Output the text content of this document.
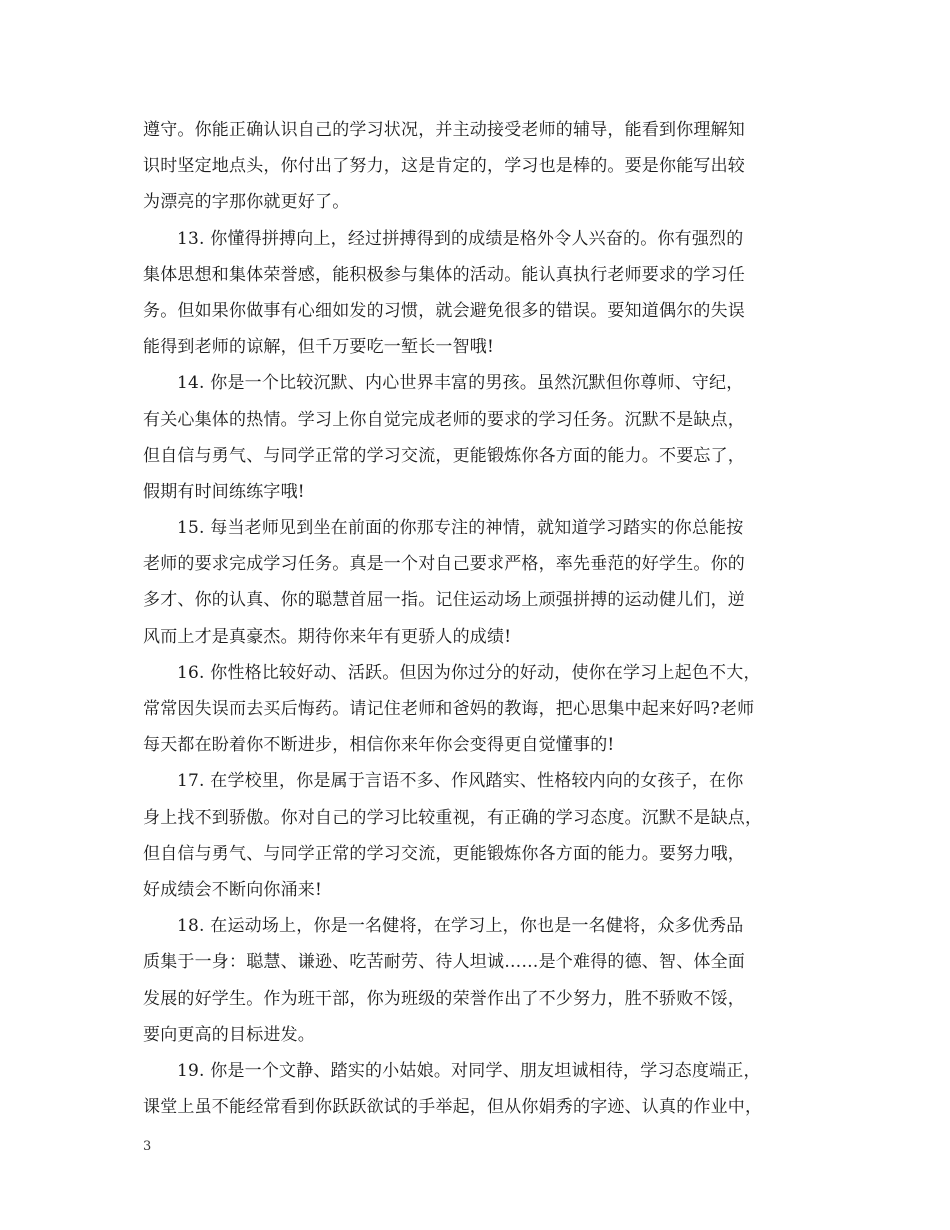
遵守。你能正确认识自己的学习状况，并主动接受老师的辅导，能看到你理解知
识时坚定地点头，你付出了努力，这是肯定的，学习也是棒的。要是你能写出较
为漂亮的字那你就更好了。
13. 你懂得拼搏向上，经过拼搏得到的成绩是格外令人兴奋的。你有强烈的
集体思想和集体荣誉感，能积极参与集体的活动。能认真执行老师要求的学习任
务。但如果你做事有心细如发的习惯，就会避免很多的错误。要知道偶尔的失误
能得到老师的谅解，但千万要吃一堑长一智哦!
14. 你是一个比较沉默、内心世界丰富的男孩。虽然沉默但你尊师、守纪，
有关心集体的热情。学习上你自觉完成老师的要求的学习任务。沉默不是缺点，
但自信与勇气、与同学正常的学习交流，更能锻炼你各方面的能力。不要忘了，
假期有时间练练字哦!
15. 每当老师见到坐在前面的你那专注的神情，就知道学习踏实的你总能按
老师的要求完成学习任务。真是一个对自己要求严格，率先垂范的好学生。你的
多才、你的认真、你的聪慧首屈一指。记住运动场上顽强拼搏的运动健儿们，逆
风而上才是真豪杰。期待你来年有更骄人的成绩!
16. 你性格比较好动、活跃。但因为你过分的好动，使你在学习上起色不大，
常常因失误而去买后悔药。请记住老师和爸妈的教诲，把心思集中起来好吗?老师
每天都在盼着你不断进步，相信你来年你会变得更自觉懂事的!
17. 在学校里，你是属于言语不多、作风踏实、性格较内向的女孩子，在你
身上找不到骄傲。你对自己的学习比较重视，有正确的学习态度。沉默不是缺点，
但自信与勇气、与同学正常的学习交流，更能锻炼你各方面的能力。要努力哦，
好成绩会不断向你涌来!
18. 在运动场上，你是一名健将，在学习上，你也是一名健将，众多优秀品
质集于一身：聪慧、谦逊、吃苦耐劳、待人坦诚……是个难得的德、智、体全面
发展的好学生。作为班干部，你为班级的荣誉作出了不少努力，胜不骄败不馁，
要向更高的目标进发。
19. 你是一个文静、踏实的小姑娘。对同学、朋友坦诚相待，学习态度端正，
课堂上虽不能经常看到你跃跃欲试的手举起，但从你娟秀的字迹、认真的作业中，
3
